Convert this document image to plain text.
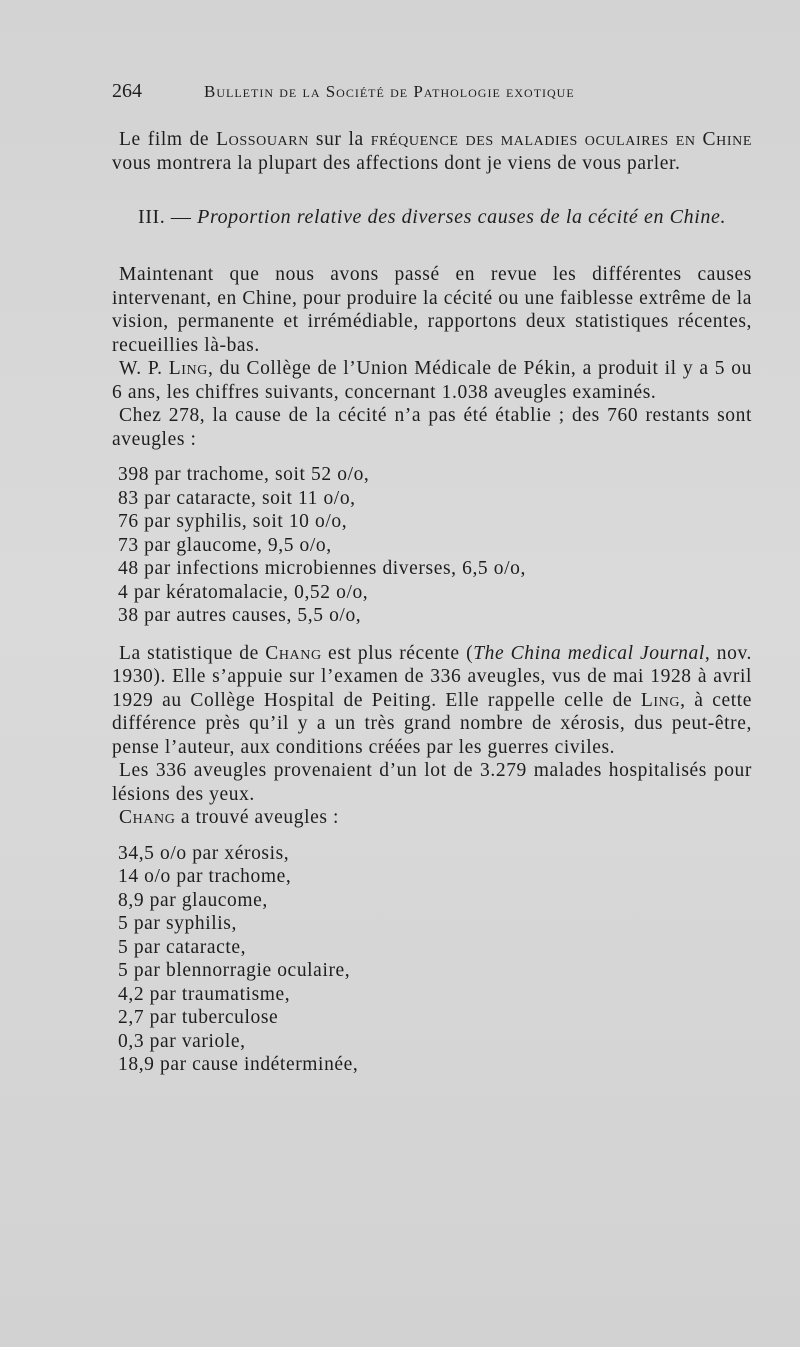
264	Bulletin de la Société de Pathologie exotique

Le film de Lossouarn sur la fréquence des maladies oculaires en Chine vous montrera la plupart des affections dont je viens de vous parler.

III. — Proportion relative des diverses causes de la cécité en Chine.

Maintenant que nous avons passé en revue les différentes causes intervenant, en Chine, pour produire la cécité ou une faiblesse extrême de la vision, permanente et irrémédiable, rapportons deux statistiques récentes, recueillies là-bas.

W. P. Ling, du Collège de l’Union Médicale de Pékin, a produit il y a 5 ou 6 ans, les chiffres suivants, concernant 1.038 aveugles examinés.

Chez 278, la cause de la cécité n’a pas été établie ; des 760 restants sont aveugles :

398 par trachome, soit 52 o/o,
83 par cataracte, soit 11 o/o,
76 par syphilis, soit 10 o/o,
73 par glaucome, 9,5 o/o,
48 par infections microbiennes diverses, 6,5 o/o,
4 par kératomalacie, 0,52 o/o,
38 par autres causes, 5,5 o/o,

La statistique de Chang est plus récente (The China medical Journal, nov. 1930). Elle s’appuie sur l’examen de 336 aveugles, vus de mai 1928 à avril 1929 au Collège Hospital de Peiting. Elle rappelle celle de Ling, à cette différence près qu’il y a un très grand nombre de xérosis, dus peut-être, pense l’auteur, aux conditions créées par les guerres civiles.

Les 336 aveugles provenaient d’un lot de 3.279 malades hospitalisés pour lésions des yeux.

Chang a trouvé aveugles :

34,5 o/o par xérosis,
14 o/o par trachome,
8,9 par glaucome,
5 par syphilis,
5 par cataracte,
5 par blennorragie oculaire,
4,2 par traumatisme,
2,7 par tuberculose
0,3 par variole,
18,9 par cause indéterminée,
